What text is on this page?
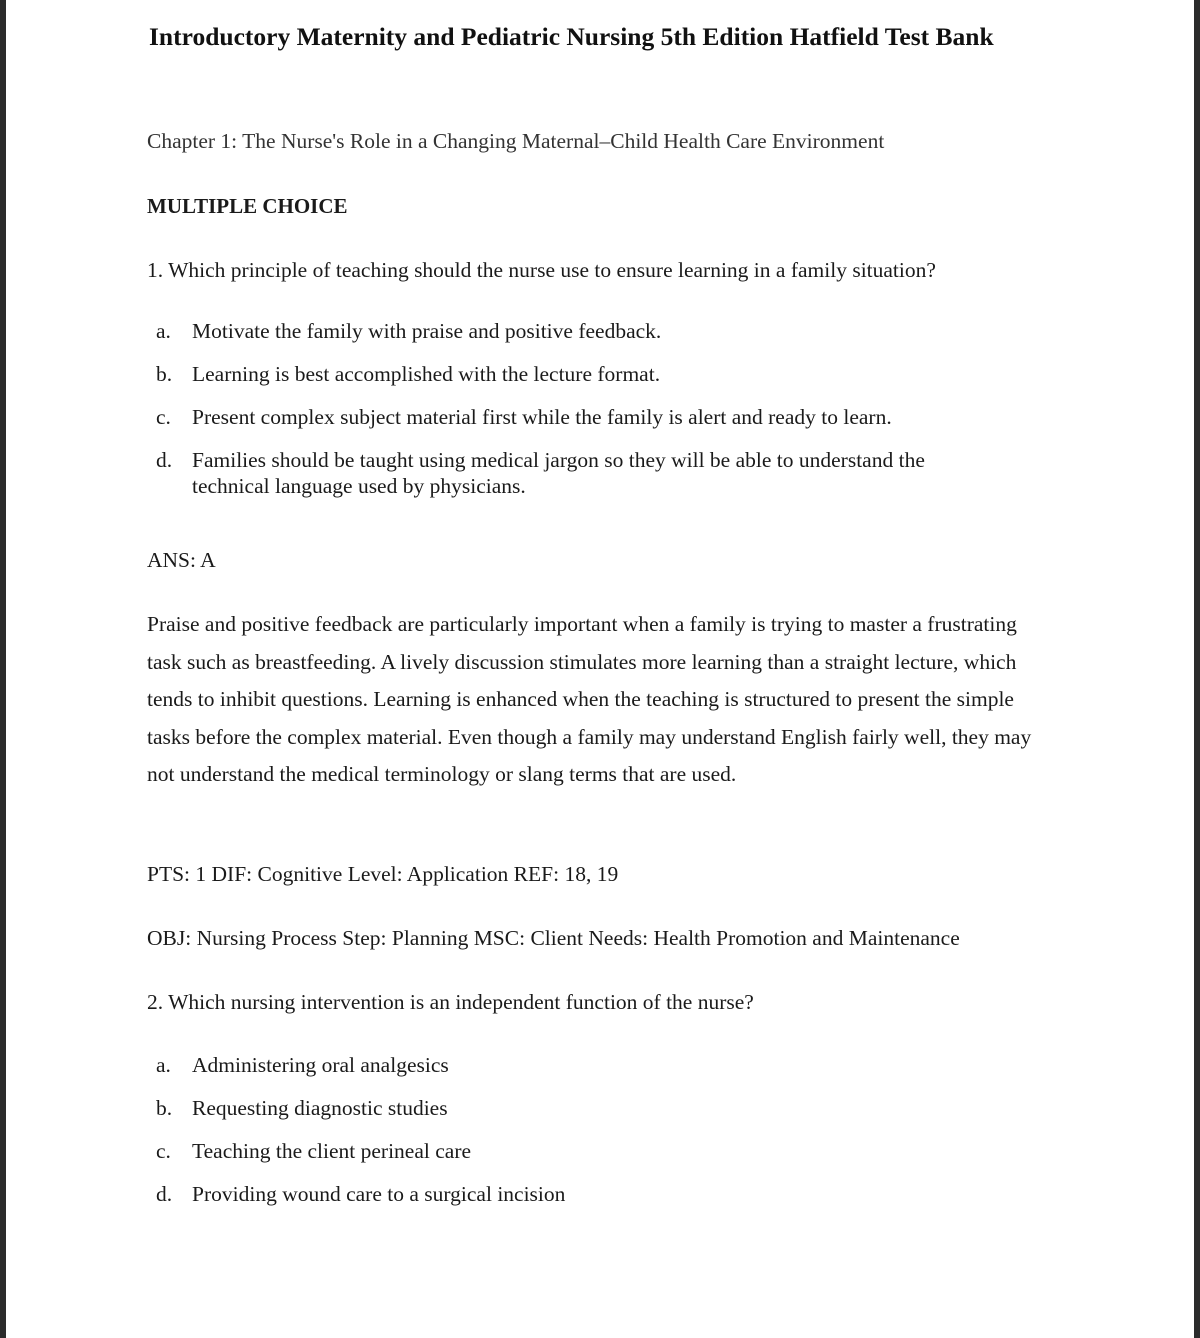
Introductory Maternity and Pediatric Nursing 5th Edition Hatfield Test Bank
Chapter 1: The Nurse's Role in a Changing Maternal–Child Health Care Environment
MULTIPLE CHOICE
1. Which principle of teaching should the nurse use to ensure learning in a family situation?
a. Motivate the family with praise and positive feedback.
b. Learning is best accomplished with the lecture format.
c. Present complex subject material first while the family is alert and ready to learn.
d. Families should be taught using medical jargon so they will be able to understand the technical language used by physicians.
ANS: A

Praise and positive feedback are particularly important when a family is trying to master a frustrating task such as breastfeeding. A lively discussion stimulates more learning than a straight lecture, which tends to inhibit questions. Learning is enhanced when the teaching is structured to present the simple tasks before the complex material. Even though a family may understand English fairly well, they may not understand the medical terminology or slang terms that are used.

PTS: 1 DIF: Cognitive Level: Application REF: 18, 19
OBJ: Nursing Process Step: Planning MSC: Client Needs: Health Promotion and Maintenance
2. Which nursing intervention is an independent function of the nurse?
a. Administering oral analgesics
b. Requesting diagnostic studies
c. Teaching the client perineal care
d. Providing wound care to a surgical incision
